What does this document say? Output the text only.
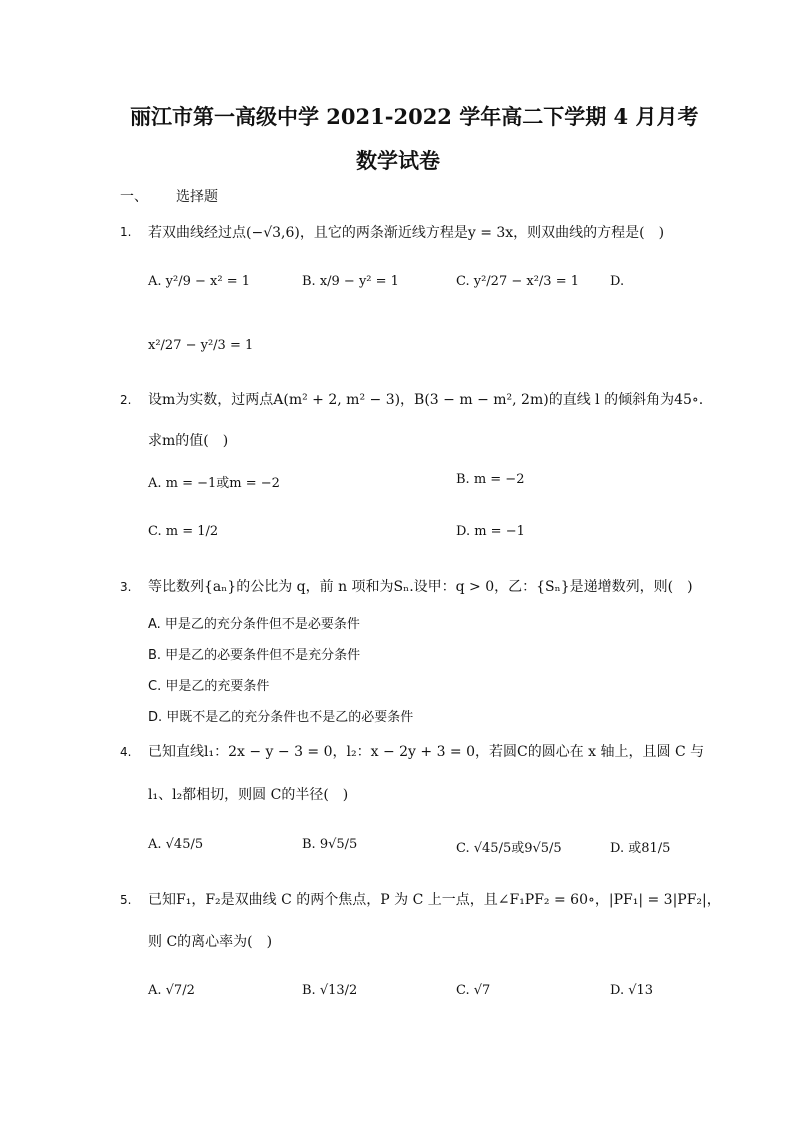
丽江市第一高级中学 2021-2022 学年高二下学期 4 月月考
数学试卷
一、 选择题
1. 若双曲线经过点(−√3,6)，且它的两条渐近线方程是y = 3x，则双曲线的方程是(　)
A. y²/9 − x² = 1	B. x/9 − y² = 1	C. y²/27 − x²/3 = 1 D.
x²/27 − y²/3 = 1
2. 设m为实数，过两点A(m² + 2, m² − 3)，B(3 − m − m², 2m)的直线 l 的倾斜角为45∘.
求m的值(　)
A. m = −1或m = −2	B. m = −2
C. m = 1/2	D. m = −1
3. 等比数列{aₙ}的公比为 q，前 n 项和为Sₙ.设甲：q > 0，乙：{Sₙ}是递增数列，则(　)
A. 甲是乙的充分条件但不是必要条件
B. 甲是乙的必要条件但不是充分条件
C. 甲是乙的充要条件
D. 甲既不是乙的充分条件也不是乙的必要条件
4. 已知直线l₁：2x − y − 3 = 0，l₂：x − 2y + 3 = 0，若圆C的圆心在 x 轴上，且圆 C 与
l₁、l₂都相切，则圆 C的半径(　)
A. √45/5	B. 9√5/5	C. √45/5或9√5/5	D. 或81/5
5. 已知F₁，F₂是双曲线 C 的两个焦点，P 为 C 上一点，且∠F₁PF₂ = 60∘，|PF₁| = 3|PF₂|，
则 C的离心率为(　)
A. √7/2	B. √13/2	C. √7	D. √13
